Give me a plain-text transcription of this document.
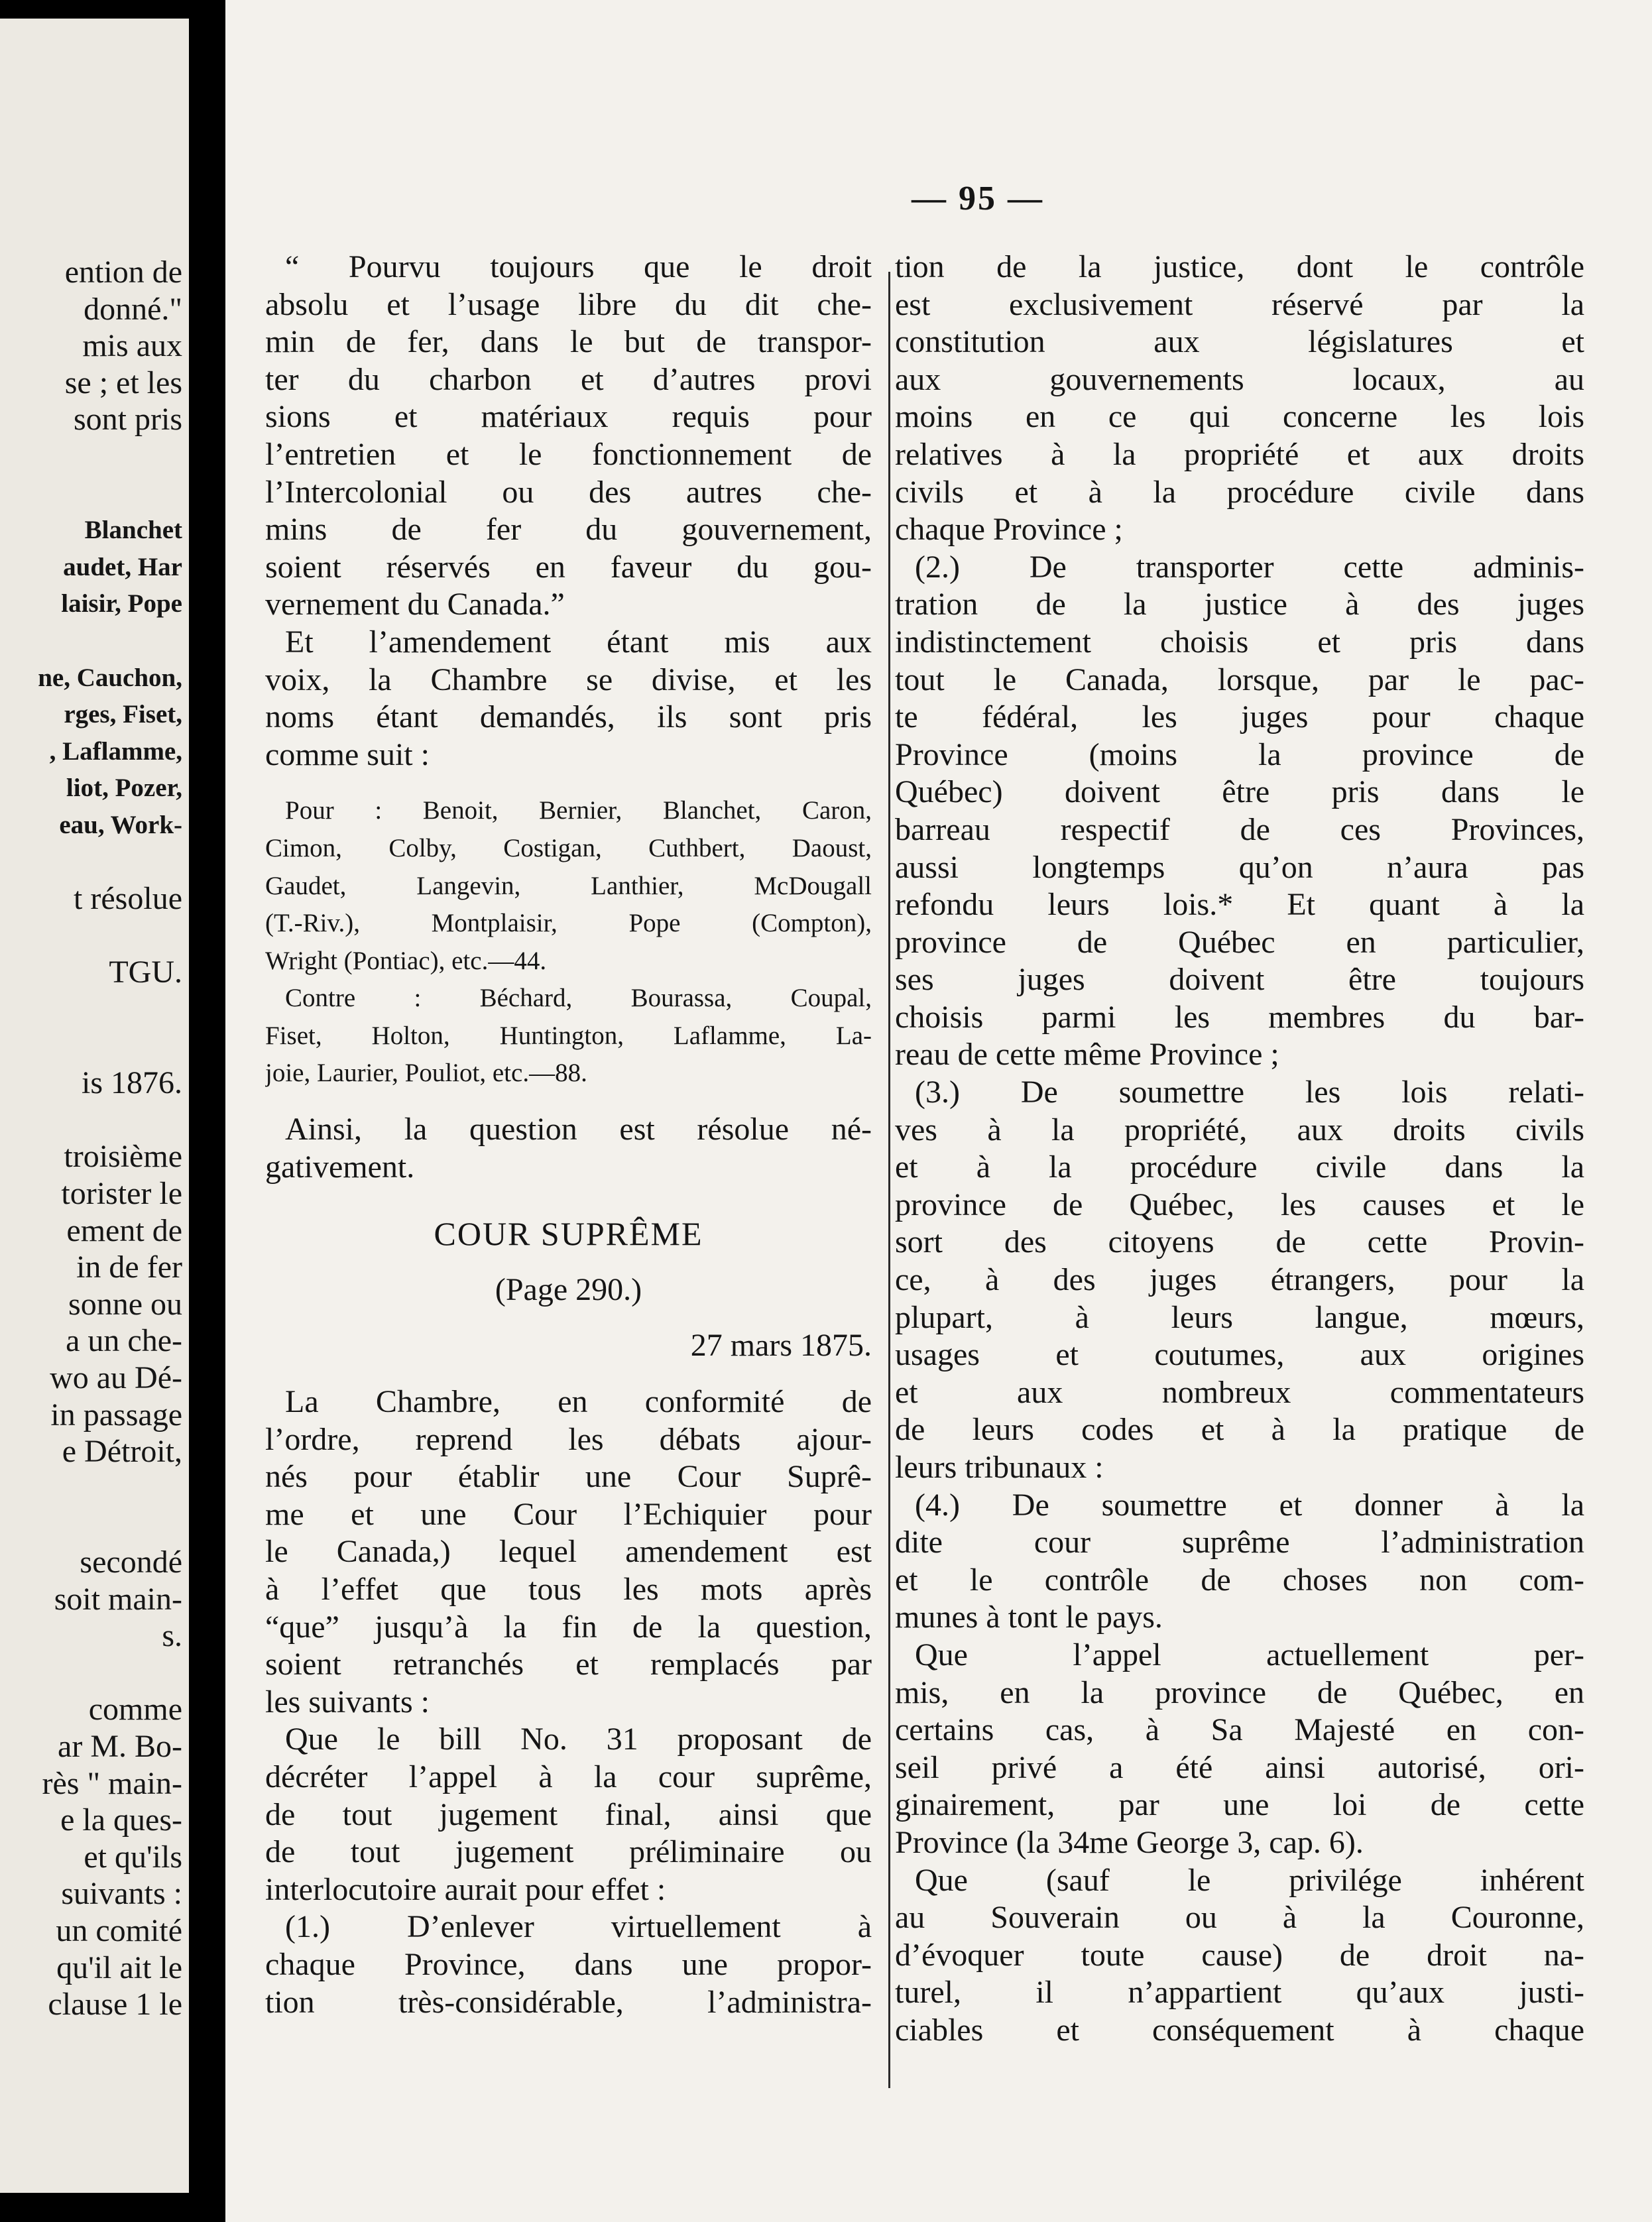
ention de
donné."
mis aux
se ; et les
sont pris
Blanchet
audet, Har
laisir, Pope
ne, Cauchon,
rges, Fiset,
, Laflamme,
liot, Pozer,
eau, Work-
t résolue
TGU.
is 1876.
troisième
torister le
ement de
in de fer
sonne ou
a un che-
wo au Dé-
in passage
e Détroit,
secondé
soit main-
s.
comme
ar M. Bo-
rès " main-
e la ques-
et qu'ils
suivants :
un comité
qu'il ait le
clause 1 le
— 95 —
“ Pourvu toujours que le droit
absolu et l’usage libre du dit che-
min de fer, dans le but de transpor-
ter du charbon et d’autres provi
sions et matériaux requis pour
l’entretien et le fonctionnement de
l’Intercolonial ou des autres che-
mins de fer du gouvernement,
soient réservés en faveur du gou-
vernement du Canada.”
Et l’amendement étant mis aux
voix, la Chambre se divise, et les
noms étant demandés, ils sont pris
comme suit :
Pour : Benoit, Bernier, Blanchet, Caron,
Cimon, Colby, Costigan, Cuthbert, Daoust,
Gaudet, Langevin, Lanthier, McDougall
(T.-Riv.), Montplaisir, Pope (Compton),
Wright (Pontiac), etc.—44.
Contre : Béchard, Bourassa, Coupal,
Fiset, Holton, Huntington, Laflamme, La-
joie, Laurier, Pouliot, etc.—88.
Ainsi, la question est résolue né-
gativement.
COUR SUPRÊME
(Page 290.)
27 mars 1875.
La Chambre, en conformité de
l’ordre, reprend les débats ajour-
nés pour établir une Cour Suprê-
me et une Cour l’Echiquier pour
le Canada,) lequel amendement est
à l’effet que tous les mots après
“que” jusqu’à la fin de la question,
soient retranchés et remplacés par
les suivants :
Que le bill No. 31 proposant de
décréter l’appel à la cour suprême,
de tout jugement final, ainsi que
de tout jugement préliminaire ou
interlocutoire aurait pour effet :
(1.) D’enlever virtuellement à
chaque Province, dans une propor-
tion très-considérable, l’administra-
tion de la justice, dont le contrôle
est exclusivement réservé par la
constitution aux législatures et
aux gouvernements locaux, au
moins en ce qui concerne les lois
relatives à la propriété et aux droits
civils et à la procédure civile dans
chaque Province ;
(2.) De transporter cette adminis-
tration de la justice à des juges
indistinctement choisis et pris dans
tout le Canada, lorsque, par le pac-
te fédéral, les juges pour chaque
Province (moins la province de
Québec) doivent être pris dans le
barreau respectif de ces Provinces,
aussi longtemps qu’on n’aura pas
refondu leurs lois.* Et quant à la
province de Québec en particulier,
ses juges doivent être toujours
choisis parmi les membres du bar-
reau de cette même Province ;
(3.) De soumettre les lois relati-
ves à la propriété, aux droits civils
et à la procédure civile dans la
province de Québec, les causes et le
sort des citoyens de cette Provin-
ce, à des juges étrangers, pour la
plupart, à leurs langue, mœurs,
usages et coutumes, aux origines
et aux nombreux commentateurs
de leurs codes et à la pratique de
leurs tribunaux :
(4.) De soumettre et donner à la
dite cour suprême l’administration
et le contrôle de choses non com-
munes à tont le pays.
Que l’appel actuellement per-
mis, en la province de Québec, en
certains cas, à Sa Majesté en con-
seil privé a été ainsi autorisé, ori-
ginairement, par une loi de cette
Province (la 34me George 3, cap. 6).
Que (sauf le privilége inhérent
au Souverain ou à la Couronne,
d’évoquer toute cause) de droit na-
turel, il n’appartient qu’aux justi-
ciables et conséquement à chaque
